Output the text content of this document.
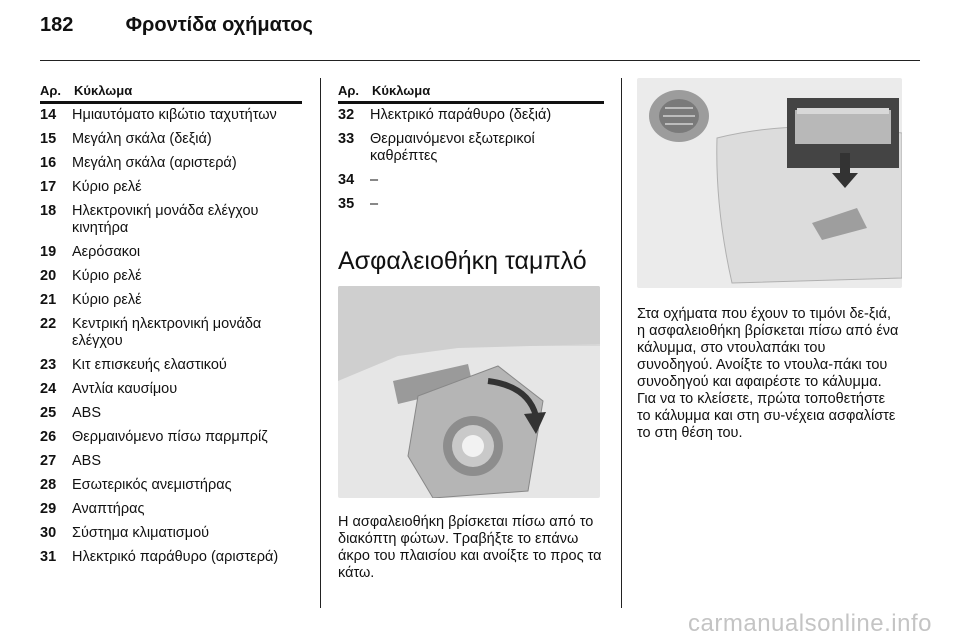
182	Φροντίδα οχήματος
Αρ. Κύκλωμα
14	Ημιαυτόματο κιβώτιο ταχυτήτων
15	Μεγάλη σκάλα (δεξιά)
16	Μεγάλη σκάλα (αριστερά)
17	Κύριο ρελέ
18	Ηλεκτρονική μονάδα ελέγχου κινητήρα
19	Αερόσακοι
20	Κύριο ρελέ
21	Κύριο ρελέ
22	Κεντρική ηλεκτρονική μονάδα ελέγχου
23	Κιτ επισκευής ελαστικού
24	Αντλία καυσίμου
25	ABS
26	Θερμαινόμενο πίσω παρμπρίζ
27	ABS
28	Εσωτερικός ανεμιστήρας
29	Αναπτήρας
30	Σύστημα κλιματισμού
31	Ηλεκτρικό παράθυρο (αριστερά)
Αρ. Κύκλωμα
32	Ηλεκτρικό παράθυρο (δεξιά)
33	Θερμαινόμενοι εξωτερικοί καθρέπτες
34	–
35	–
Ασφαλειοθήκη ταμπλό
Η ασφαλειοθήκη βρίσκεται πίσω από το διακόπτη φώτων. Τραβήξτε το επάνω άκρο του πλαισίου και ανοίξτε το προς τα κάτω.
Στα οχήματα που έχουν το τιμόνι δε-ξιά, η ασφαλειοθήκη βρίσκεται πίσω από ένα κάλυμμα, στο ντουλαπάκι του συνοδηγού. Ανοίξτε το ντουλα-πάκι του συνοδηγού και αφαιρέστε το κάλυμμα. Για να το κλείσετε, πρώτα τοποθετήστε το κάλυμμα και στη συ-νέχεια ασφαλίστε το στη θέση του.
carmanualsonline.info
